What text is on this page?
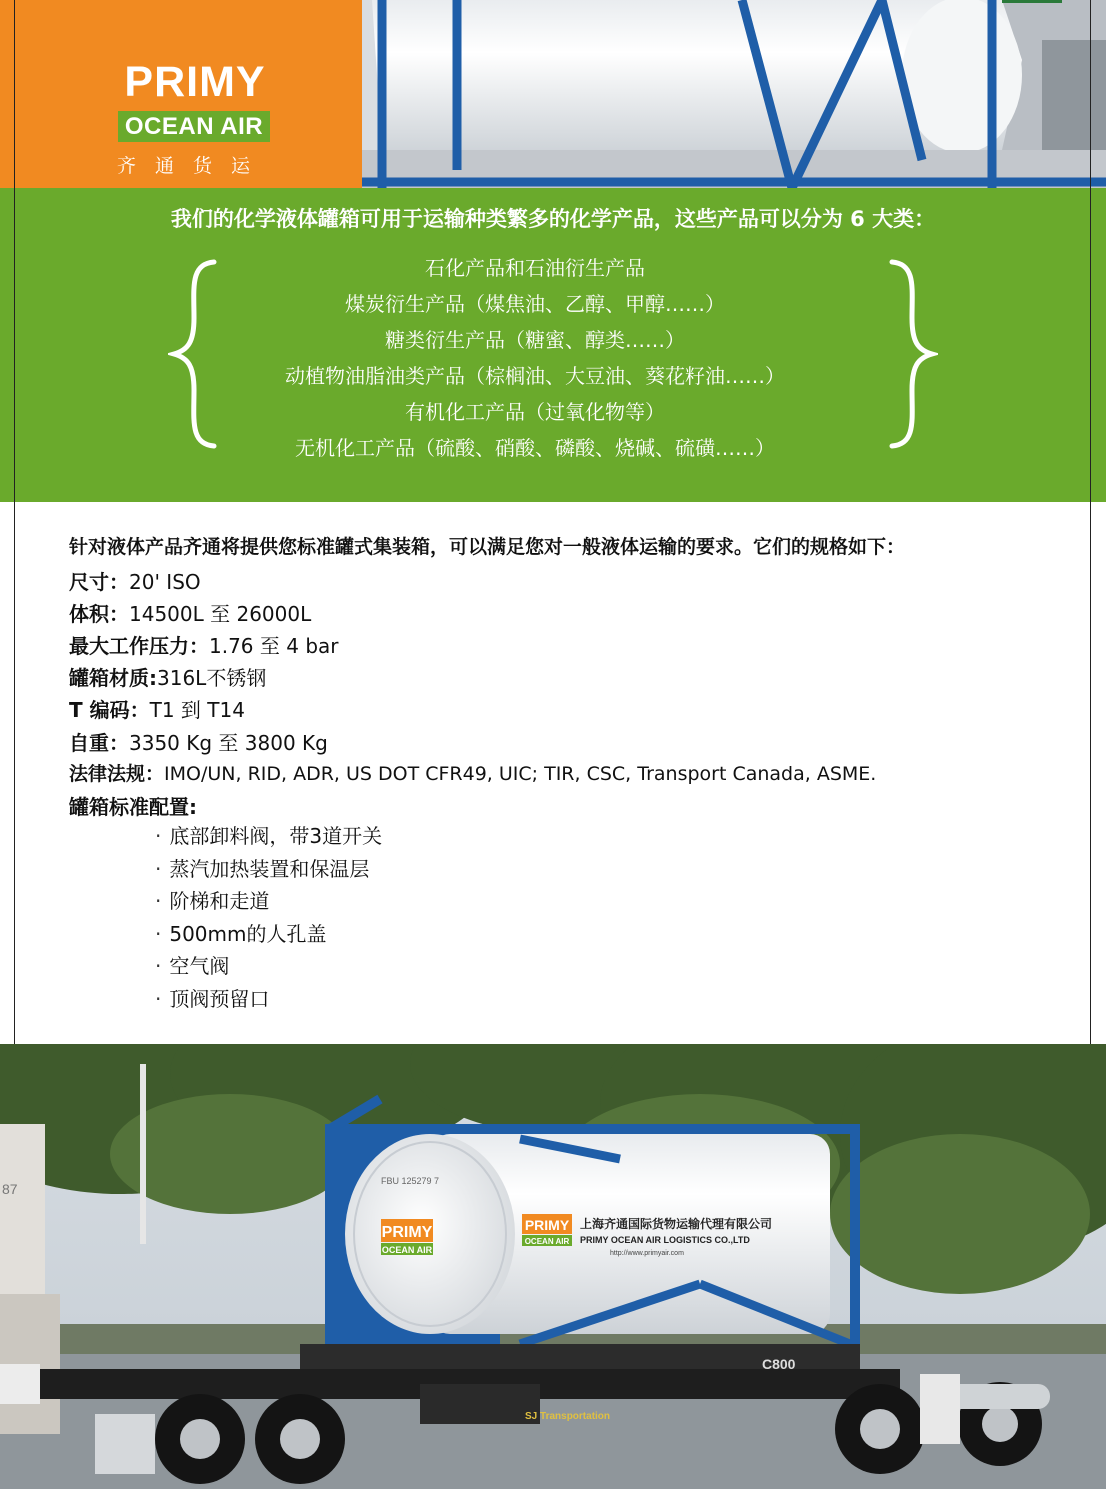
PRIMY
OCEAN AIR
齐通货运
我们的化学液体罐箱可用于运输种类繁多的化学产品，这些产品可以分为 6 大类：
石化产品和石油衍生产品
煤炭衍生产品（煤焦油、乙醇、甲醇……）
糖类衍生产品（糖蜜、醇类……）
动植物油脂油类产品（棕榈油、大豆油、葵花籽油……）
有机化工产品（过氧化物等）
无机化工产品（硫酸、硝酸、磷酸、烧碱、硫磺……）
针对液体产品齐通将提供您标准罐式集装箱，可以满足您对一般液体运输的要求。它们的规格如下：
尺寸：20' ISO
体积：14500L 至 26000L
最大工作压力：1.76 至 4 bar
罐箱材质:316L不锈钢
T 编码：T1 到 T14
自重：3350 Kg 至 3800 Kg
法律法规：IMO/UN, RID, ADR, US DOT CFR49, UIC; TIR, CSC, Transport Canada, ASME.
罐箱标准配置:
· 底部卸料阀，带3道开关
· 蒸汽加热装置和保温层
· 阶梯和走道
· 500mm的人孔盖
· 空气阀
· 顶阀预留口
87
PRIMY
OCEAN AIR
FBU 125279 7
PRIMY
OCEAN AIR
上海齐通国际货物运输代理有限公司
PRIMY OCEAN AIR LOGISTICS CO.,LTD
http://www.primyair.com
C800
SJ Transportation
